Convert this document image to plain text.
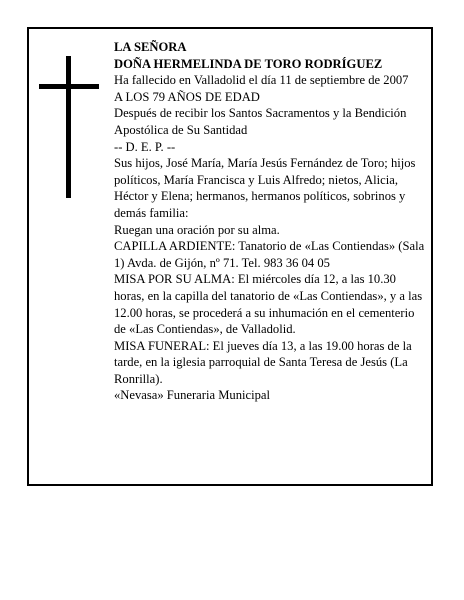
LA SEÑORA

DOÑA HERMELINDA DE TORO RODRÍGUEZ

Ha fallecido en Valladolid el día 11 de septiembre de 2007

A LOS 79 AÑOS DE EDAD

Después de recibir los Santos Sacramentos y la Bendición Apostólica de Su Santidad

-- D. E. P. --

Sus hijos, José María, María Jesús Fernández de Toro; hijos políticos, María Francisca y Luis Alfredo; nietos, Alicia, Héctor y Elena; hermanos, hermanos políticos, sobrinos y demás familia:

Ruegan una oración por su alma.

CAPILLA ARDIENTE: Tanatorio de «Las Contiendas» (Sala 1) Avda. de Gijón, nº 71. Tel. 983 36 04 05

MISA POR SU ALMA: El miércoles día 12, a las 10.30 horas, en la capilla del tanatorio de «Las Contiendas», y a las 12.00 horas, se procederá a su inhumación en el cementerio de «Las Contiendas», de Valladolid.

MISA FUNERAL: El jueves día 13, a las 19.00 horas de la tarde, en la iglesia parroquial de Santa Teresa de Jesús (La Ronrilla).

«Nevasa» Funeraria Municipal
